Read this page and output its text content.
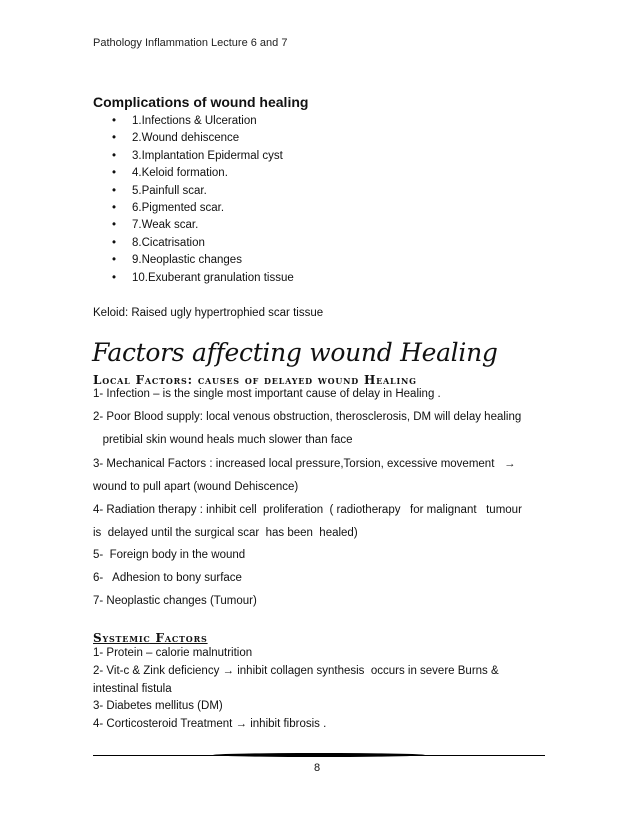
Pathology Inflammation Lecture 6 and 7
Complications of wound healing
• 1.Infections & Ulceration
• 2.Wound dehiscence
• 3.Implantation Epidermal cyst
• 4.Keloid formation.
• 5.Painfull scar.
• 6.Pigmented scar.
• 7.Weak scar.
• 8.Cicatrisation
• 9.Neoplastic changes
• 10.Exuberant granulation tissue
Keloid: Raised ugly hypertrophied scar tissue
Factors affecting wound Healing
Local Factors: causes of delayed wound Healing
1- Infection – is the single most important cause of delay in Healing .
2- Poor Blood supply: local venous obstruction, therosclerosis, DM will delay healing
pretibial skin wound heals much slower than face
3- Mechanical Factors : increased local pressure,Torsion, excessive movement   →
wound to pull apart (wound Dehiscence)
4- Radiation therapy : inhibit cell  proliferation  ( radiotherapy   for malignant   tumour
is  delayed until the surgical scar  has been  healed)
5-  Foreign body in the wound
6-   Adhesion to bony surface
7- Neoplastic changes (Tumour)
Systemic Factors
1- Protein – calorie malnutrition
2- Vit-c & Zink deficiency → inhibit collagen synthesis  occurs in severe Burns &
intestinal fistula
3- Diabetes mellitus (DM)
4- Corticosteroid Treatment → inhibit fibrosis .
8
